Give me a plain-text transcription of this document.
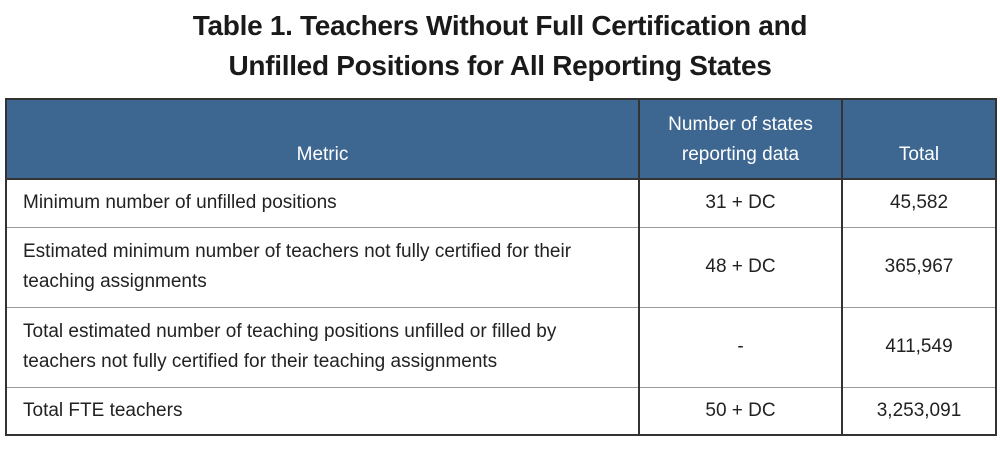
Table 1. Teachers Without Full Certification and
Unfilled Positions for All Reporting States
Metric	Number of states reporting data	Total
Minimum number of unfilled positions	31 + DC	45,582
Estimated minimum number of teachers not fully certified for their teaching assignments	48 + DC	365,967
Total estimated number of teaching positions unfilled or filled by teachers not fully certified for their teaching assignments	-	411,549
Total FTE teachers	50 + DC	3,253,091
